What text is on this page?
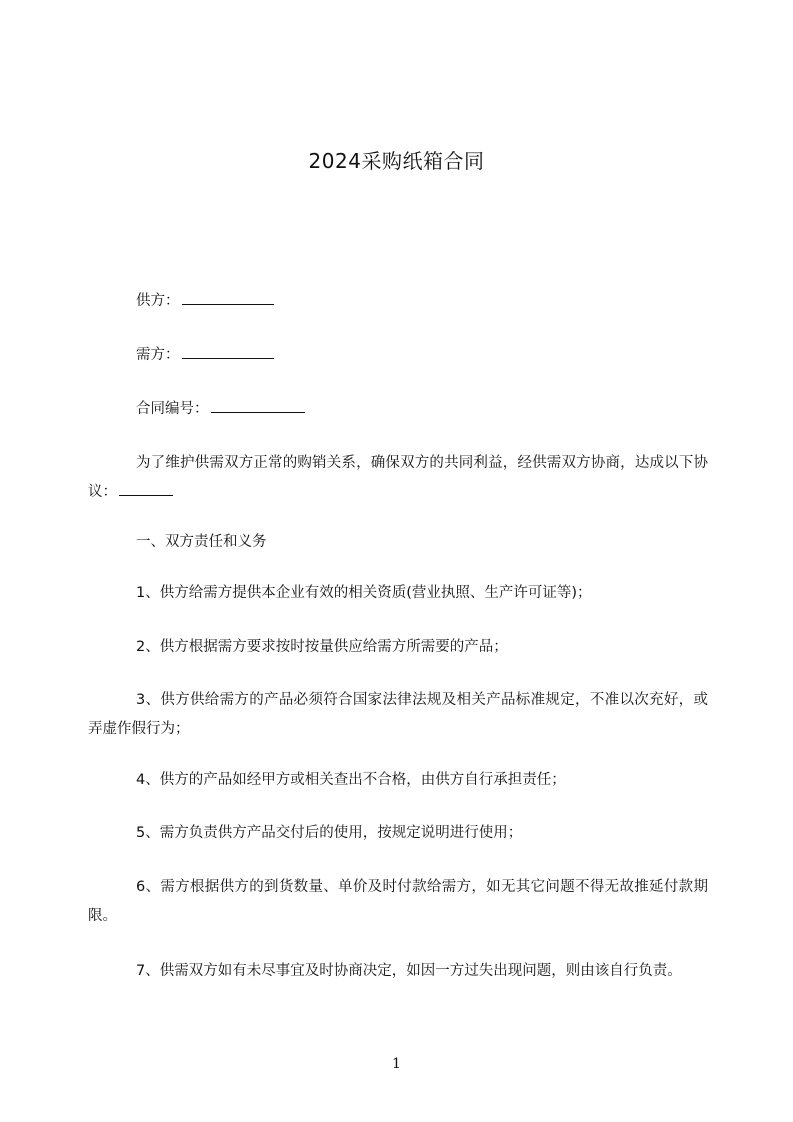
2024采购纸箱合同
供方：
需方：
合同编号：
为了维护供需双方正常的购销关系，确保双方的共同利益，经供需双方协商，达成以下协议：
一、双方责任和义务
1、供方给需方提供本企业有效的相关资质(营业执照、生产许可证等)；
2、供方根据需方要求按时按量供应给需方所需要的产品；
3、供方供给需方的产品必须符合国家法律法规及相关产品标准规定，不准以次充好，或弄虚作假行为；
4、供方的产品如经甲方或相关查出不合格，由供方自行承担责任；
5、需方负责供方产品交付后的使用，按规定说明进行使用；
6、需方根据供方的到货数量、单价及时付款给需方，如无其它问题不得无故推延付款期限。
7、供需双方如有未尽事宜及时协商决定，如因一方过失出现问题，则由该自行负责。
1
